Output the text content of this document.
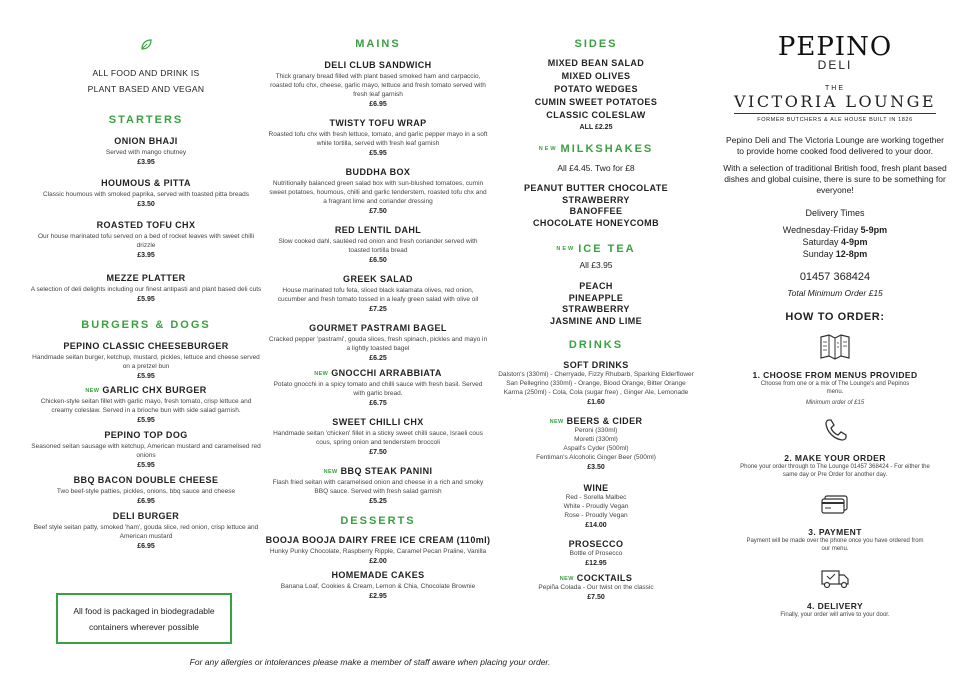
ALL FOOD AND DRINK IS
PLANT BASED AND VEGAN
STARTERS
ONION BHAJI
Served with mango chutney
£3.95
HOUMOUS & PITTA
Classic houmous with smoked paprika, served with toasted pitta breads
£3.50
ROASTED TOFU CHX
Our house marinated tofu served on a bed of rocket leaves with sweet chilli drizzle
£3.95
MEZZE PLATTER
A selection of deli delights including our finest antipasti and plant based deli cuts
£5.95
BURGERS & DOGS
PEPINO CLASSIC CHEESEBURGER
Handmade seitan burger, ketchup, mustard, pickles, lettuce and cheese served on a pretzel bun
£5.95
NEW GARLIC CHX BURGER
Chicken-style seitan fillet with garlic mayo, fresh tomato, crisp lettuce and creamy coleslaw. Served in a brioche bun with side salad garnish.
£5.95
PEPINO TOP DOG
Seasoned seitan sausage with ketchup, American mustard and caramelised red onions
£5.95
BBQ BACON DOUBLE CHEESE
Two beef-style patties, pickles, onions, bbq sauce and cheese
£6.95
DELI BURGER
Beef style seitan patty, smoked 'ham', gouda slice, red onion, crisp lettuce and American mustard
£6.95
All food is packaged in biodegradable
containers wherever possible
MAINS
DELI CLUB SANDWICH
Thick granary bread filled with plant based smoked ham and carpaccio, roasted tofu chx, cheese, garlic mayo, lettuce and fresh tomato served with fresh leaf garnish
£6.95
TWISTY TOFU WRAP
Roasted tofu chx with fresh lettuce, tomato, and garlic pepper mayo in a soft white tortilla, served with fresh leaf garnish
£5.95
BUDDHA BOX
Nutritionally balanced green salad box with sun-blushed tomatoes, cumin sweet potatoes, houmous, chilli and garlic tenderstem, roasted tofu chx and a fragrant lime and coriander dressing
£7.50
RED LENTIL DAHL
Slow cooked dahl, sautéed red onion and fresh coriander served with toasted tortilla bread
£6.50
GREEK SALAD
House marinated tofu feta, sliced black kalamata olives, red onion, cucumber and fresh tomato tossed in a leafy green salad with olive oil
£7.25
GOURMET PASTRAMI BAGEL
Cracked pepper 'pastrami', gouda slices, fresh spinach, pickles and mayo in a lightly toasted bagel
£6.25
NEW GNOCCHI ARRABBIATA
Potato gnocchi in a spicy tomato and chilli sauce with fresh basil. Served with garlic bread.
£6.75
SWEET CHILLI CHX
Handmade seitan 'chicken' fillet in a sticky sweet chilli sauce, Israeli cous cous, spring onion and tenderstem broccoli
£7.50
NEW BBQ STEAK PANINI
Flash fried seitan with caramelised onion and cheese in a rich and smoky BBQ sauce. Served with fresh salad garnish
£5.25
DESSERTS
BOOJA BOOJA DAIRY FREE ICE CREAM (110ml)
Hunky Punky Chocolate, Raspberry Ripple, Caramel Pecan Praline, Vanilla
£2.00
HOMEMADE CAKES
Banana Loaf, Cookies & Cream, Lemon & Chia, Chocolate Brownie
£2.95
SIDES
MIXED BEAN SALAD
MIXED OLIVES
POTATO WEDGES
CUMIN SWEET POTATOES
CLASSIC COLESLAW
ALL £2.25
NEW MILKSHAKES
All £4.45. Two for £8
PEANUT BUTTER CHOCOLATE
STRAWBERRY
BANOFFEE
CHOCOLATE HONEYCOMB
NEW ICE TEA
All £3.95
PEACH
PINEAPPLE
STRAWBERRY
JASMINE AND LIME
DRINKS
SOFT DRINKS
Dalston's (330ml) - Cherryade, Fizzy Rhubarb, Sparking Elderflower
San Pellegrino (330ml) - Orange, Blood Orange, Bitter Orange
Karma (250ml) - Cola, Cola (sugar free) , Ginger Ale, Lemonade
£1.60
NEW BEERS & CIDER
Peroni (330ml)
Moretti (330ml)
Aspall's Cyder (500ml)
Fentiman's Alcoholic Ginger Beer (500ml)
£3.50
WINE
Red - Sorella Malbec
White - Proudly Vegan
Rose - Proudly Vegan
£14.00
PROSECCO
Bottle of Prosecco
£12.95
NEW COCKTAILS
Pepiña Colada - Our twist on the classic
£7.50
PEPINO
DELI
THE
VICTORIA LOUNGE
FORMER BUTCHERS & ALE HOUSE BUILT IN 1826
Pepino Deli and The Victoria Lounge are working together to provide home cooked food delivered to your door.
With a selection of traditional British food, fresh plant based dishes and global cuisine, there is sure to be something for everyone!
Delivery Times
Wednesday-Friday 5-9pm
Saturday 4-9pm
Sunday 12-8pm
01457 368424
Total Minimum Order £15
HOW TO ORDER:
1. CHOOSE FROM MENUS PROVIDED
Choose from one or a mix of The Lounge's and Pepinos menu.
Minimum order of £15
2. MAKE YOUR ORDER
Phone your order through to The Lounge 01457 368424 - For either the same day or Pre Order for another day.
3. PAYMENT
Payment will be made over the phone once you have ordered from our menu.
4. DELIVERY
Finally, your order will arrive to your door.
For any allergies or intolerances please make a member of staff aware when placing your order.
